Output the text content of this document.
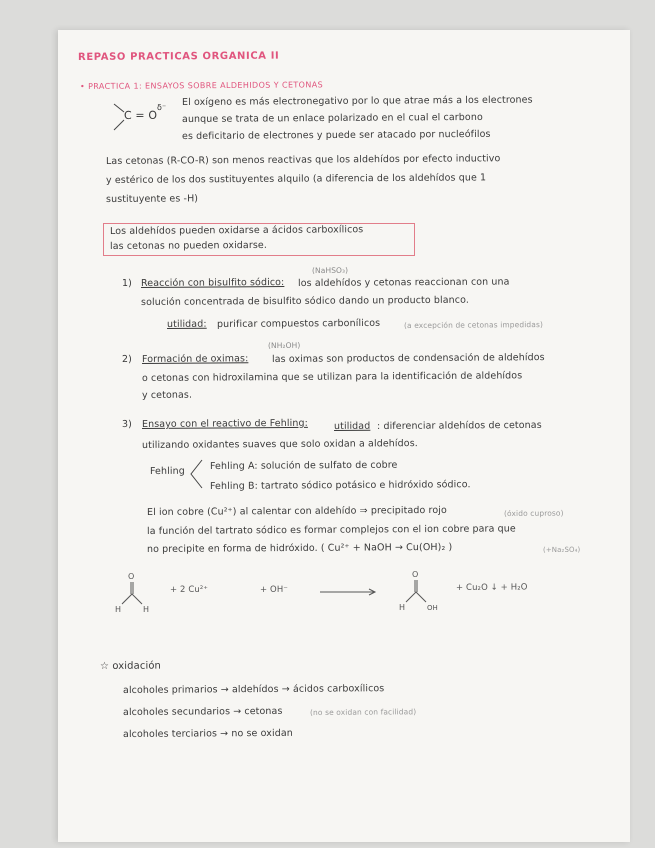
REPASO PRACTICAS ORGANICA II
• PRACTICA 1: ENSAYOS SOBRE ALDEHIDOS Y CETONAS
C = O
δ⁻ El oxígeno es más electronegativo por lo que atrae más a los electrones
aunque se trata de un enlace polarizado en el cual el carbono
es deficitario de electrones y puede ser atacado por nucleófilos
Las cetonas (R-CO-R) son menos reactivas que los aldehídos por efecto inductivo
y estérico de los dos sustituyentes alquilo (a diferencia de los aldehídos que 1
sustituyente es -H)
Los aldehídos pueden oxidarse a ácidos carboxílicos
las cetonas no pueden oxidarse.
(NaHSO₃)
1) Reacción con bisulfito sódico: los aldehídos y cetonas reaccionan con una
solución concentrada de bisulfito sódico dando un producto blanco.
utilidad: purificar compuestos carbonílicos	(a excepción de cetonas impedidas)
(NH₂OH)
2) Formación de oximas: las oximas son productos de condensación de aldehídos
o cetonas con hidroxilamina que se utilizan para la identificación de aldehídos
y cetonas.
3) Ensayo con el reactivo de Fehling:	utilidad : diferenciar aldehídos de cetonas
utilizando oxidantes suaves que solo oxidan a aldehídos.
Fehling	Fehling A: solución de sulfato de cobre
Fehling B: tartrato sódico potásico e hidróxido sódico.
El ion cobre (Cu²⁺) al calentar con aldehído ⇒ precipitado rojo	(óxido cuproso)
la función del tartrato sódico es formar complejos con el ion cobre para que
no precipite en forma de hidróxido. ( Cu²⁺ + NaOH → Cu(OH)₂ )	(+Na₂SO₄)
O
H	H
+ 2 Cu²⁺	+ OH⁻
O
H	OH
+ Cu₂O ↓ + H₂O
☆ oxidación
alcoholes primarios → aldehídos → ácidos carboxílicos
alcoholes secundarios → cetonas	(no se oxidan con facilidad)
alcoholes terciarios → no se oxidan
